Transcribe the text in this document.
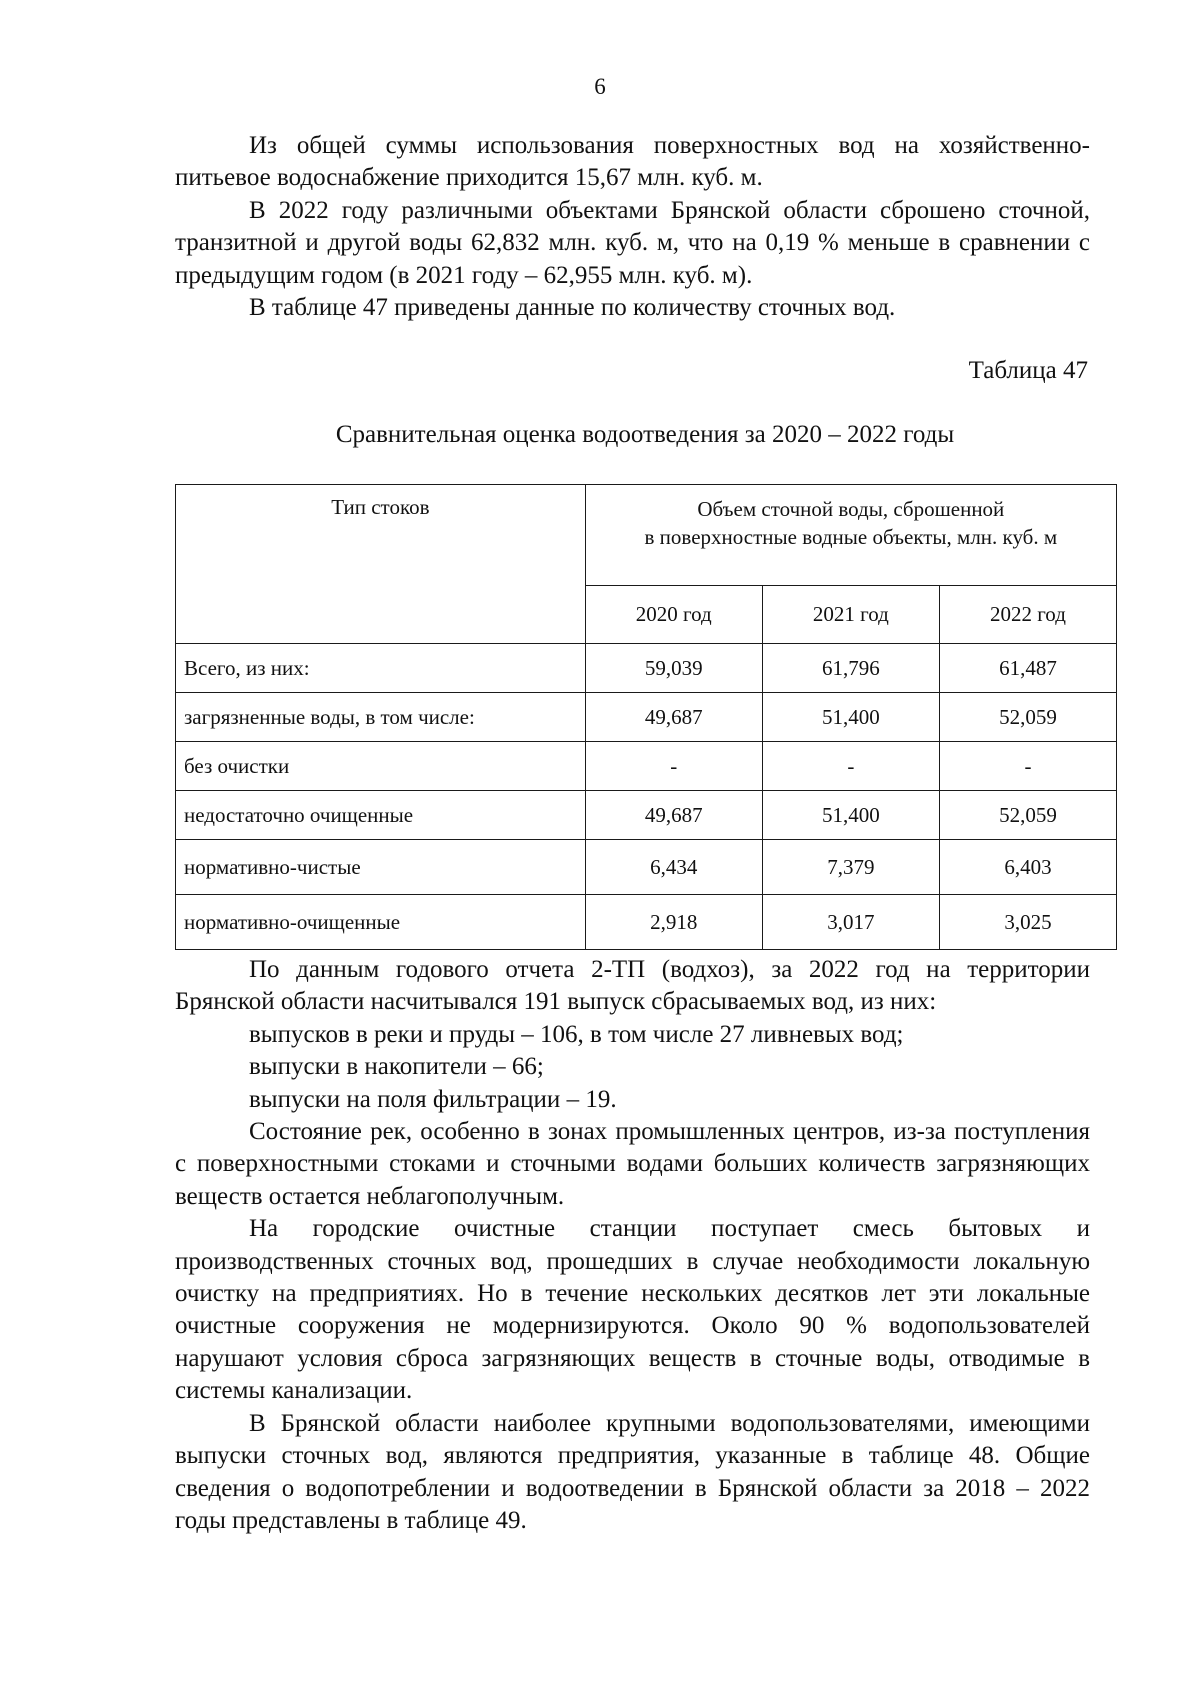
6

Из общей суммы использования поверхностных вод на хозяйственно-питьевое водоснабжение приходится 15,67 млн. куб. м.

В 2022 году различными объектами Брянской области сброшено сточной, транзитной и другой воды 62,832 млн. куб. м, что на 0,19 % меньше в сравнении с предыдущим годом (в 2021 году – 62,955 млн. куб. м).

В таблице 47 приведены данные по количеству сточных вод.

Таблица 47
Сравнительная оценка водоотведения за 2020 – 2022 годы
Тип стоков	Объем сточной воды, сброшенной
в поверхностные водные объекты, млн. куб. м		
	2020 год	2021 год	2022 год
Всего, из них:	59,039	61,796	61,487
загрязненные воды, в том числе:	49,687	51,400	52,059
без очистки	-	-	-
недостаточно очищенные	49,687	51,400	52,059
нормативно-чистые	6,434	7,379	6,403
нормативно-очищенные	2,918	3,017	3,025

По данным годового отчета 2-ТП (водхоз), за 2022 год на территории Брянской области насчитывался 191 выпуск сбрасываемых вод, из них:

выпусков в реки и пруды – 106, в том числе 27 ливневых вод;

выпуски в накопители – 66;

выпуски на поля фильтрации – 19.

Состояние рек, особенно в зонах промышленных центров, из-за поступления с поверхностными стоками и сточными водами больших количеств загрязняющих веществ остается неблагополучным.

На городские очистные станции поступает смесь бытовых и производственных сточных вод, прошедших в случае необходимости локальную очистку на предприятиях. Но в течение нескольких десятков лет эти локальные очистные сооружения не модернизируются. Около 90 % водопользователей нарушают условия сброса загрязняющих веществ в сточные воды, отводимые в системы канализации.

В Брянской области наиболее крупными водопользователями, имеющими выпуски сточных вод, являются предприятия, указанные в таблице 48. Общие сведения о водопотреблении и водоотведении в Брянской области за 2018 – 2022 годы представлены в таблице 49.
